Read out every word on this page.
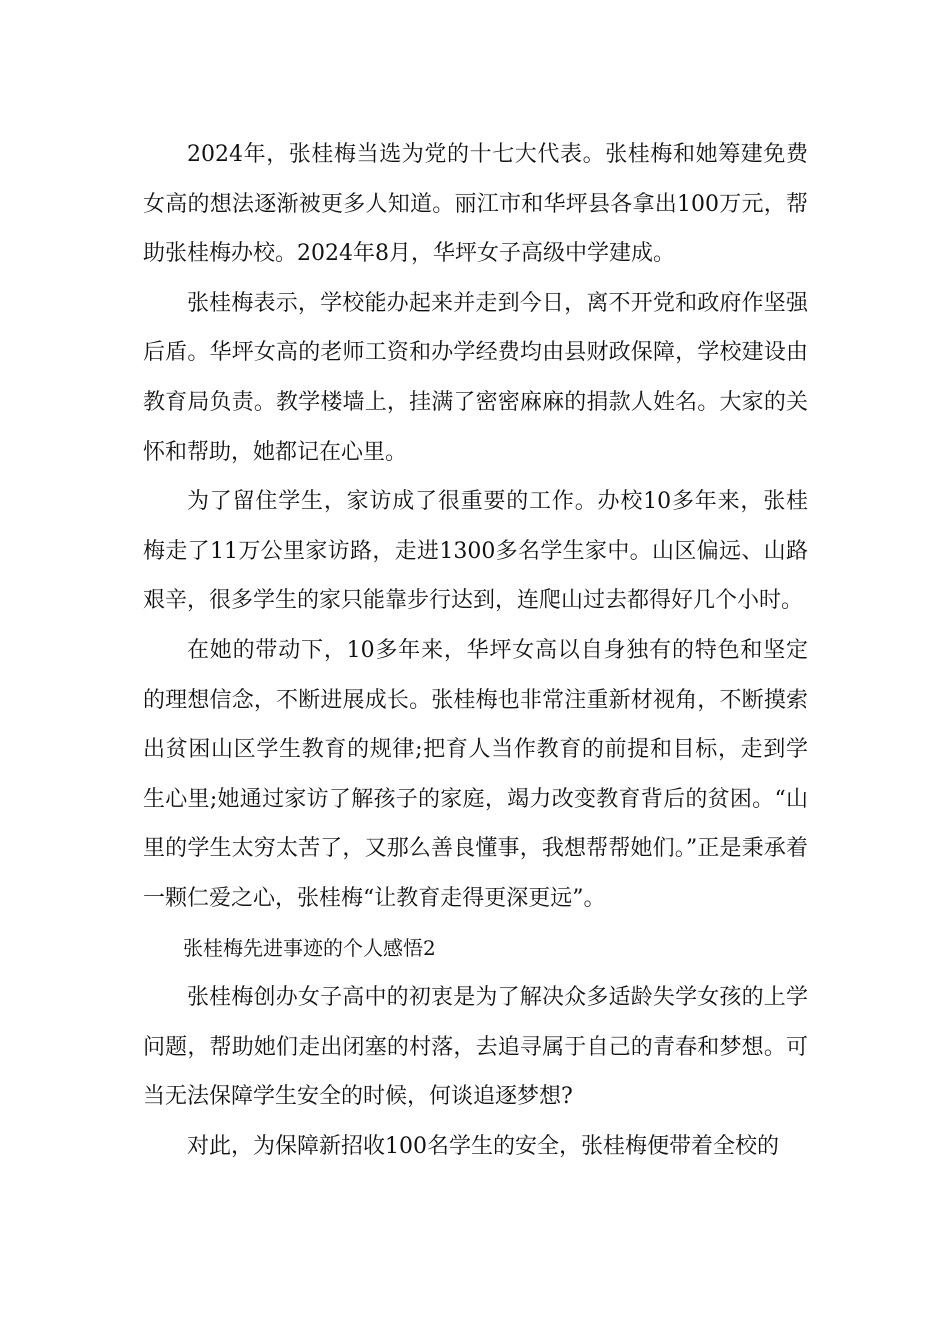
2024年，张桂梅当选为党的十七大代表。张桂梅和她筹建免费女高的想法逐渐被更多人知道。丽江市和华坪县各拿出100万元，帮助张桂梅办校。2024年8月，华坪女子高级中学建成。

张桂梅表示，学校能办起来并走到今日，离不开党和政府作坚强后盾。华坪女高的老师工资和办学经费均由县财政保障，学校建设由教育局负责。教学楼墙上，挂满了密密麻麻的捐款人姓名。大家的关怀和帮助，她都记在心里。

为了留住学生，家访成了很重要的工作。办校10多年来，张桂梅走了11万公里家访路，走进1300多名学生家中。山区偏远、山路艰辛，很多学生的家只能靠步行达到，连爬山过去都得好几个小时。

在她的带动下，10多年来，华坪女高以自身独有的特色和坚定的理想信念，不断进展成长。张桂梅也非常注重新材视角，不断摸索出贫困山区学生教育的规律;把育人当作教育的前提和目标，走到学生心里;她通过家访了解孩子的家庭，竭力改变教育背后的贫困。“山里的学生太穷太苦了，又那么善良懂事，我想帮帮她们。”正是秉承着一颗仁爱之心，张桂梅“让教育走得更深更远”。

张桂梅先进事迹的个人感悟2

张桂梅创办女子高中的初衷是为了解决众多适龄失学女孩的上学问题，帮助她们走出闭塞的村落，去追寻属于自己的青春和梦想。可当无法保障学生安全的时候，何谈追逐梦想?

对此，为保障新招收100名学生的安全，张桂梅便带着全校的
